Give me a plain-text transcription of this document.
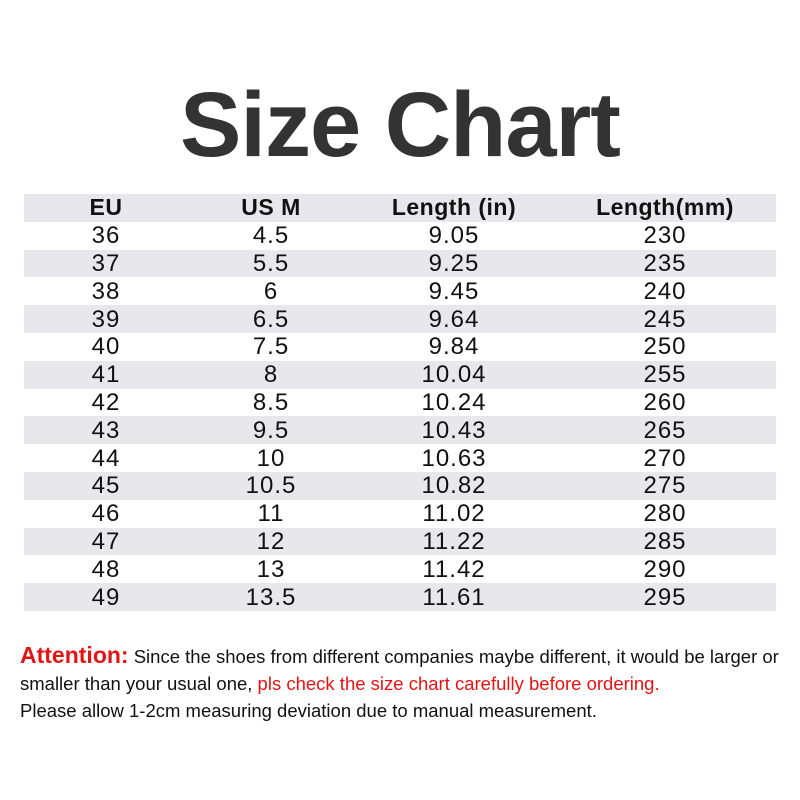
Size Chart
EU	US M	Length (in)	Length(mm)
36	4.5	9.05	230
37	5.5	9.25	235
38	6	9.45	240
39	6.5	9.64	245
40	7.5	9.84	250
41	8	10.04	255
42	8.5	10.24	260
43	9.5	10.43	265
44	10	10.63	270
45	10.5	10.82	275
46	11	11.02	280
47	12	11.22	285
48	13	11.42	290
49	13.5	11.61	295
Attention: Since the shoes from different companies maybe different, it would be larger or smaller than your usual one, pls check the size chart carefully before ordering.
Please allow 1-2cm measuring deviation due to manual measurement.
